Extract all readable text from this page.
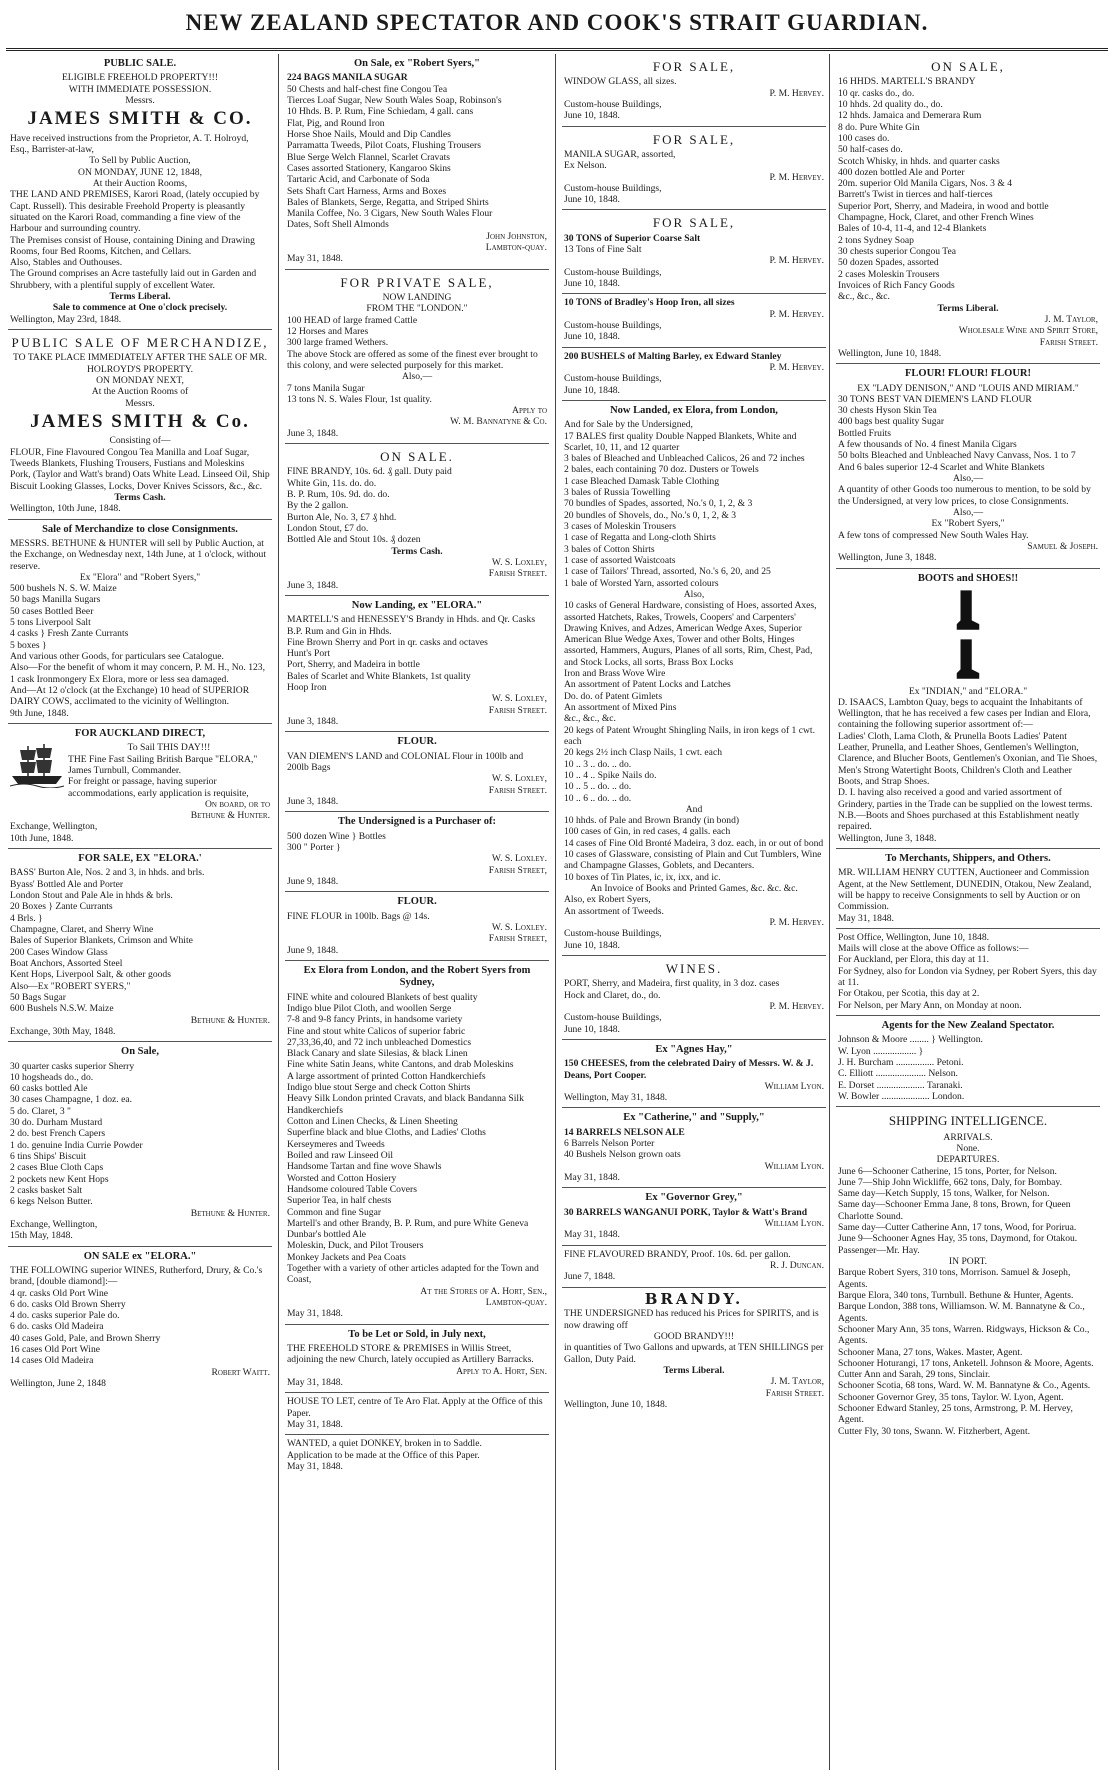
NEW ZEALAND SPECTATOR AND COOK'S STRAIT GUARDIAN.
PUBLIC SALE.

ELIGIBLE FREEHOLD PROPERTY!!!

WITH IMMEDIATE POSSESSION.

Messrs.

JAMES SMITH & CO.

Have received instructions from the Proprietor, A. T. Holroyd, Esq., Barrister-at-law,

To Sell by Public Auction,

ON MONDAY, JUNE 12, 1848,

At their Auction Rooms,

THE LAND AND PREMISES, Karori Road, (lately occupied by Capt. Russell). This desirable Freehold Property is pleasantly situated on the Karori Road, commanding a fine view of the Harbour and surrounding country.

The Premises consist of House, containing Dining and Drawing Rooms, four Bed Rooms, Kitchen, and Cellars.

Also, Stables and Outhouses.

The Ground comprises an Acre tastefully laid out in Garden and Shrubbery, with a plentiful supply of excellent Water.

Terms Liberal.

Sale to commence at One o'clock precisely.

Wellington, May 23rd, 1848.

PUBLIC SALE OF MERCHANDIZE,

TO TAKE PLACE IMMEDIATELY AFTER THE SALE OF MR. HOLROYD'S PROPERTY.

ON MONDAY NEXT,

At the Auction Rooms of

Messrs.

JAMES SMITH & Co.

Consisting of—

FLOUR, Fine Flavoured Congou Tea Manilla and Loaf Sugar, Tweeds Blankets, Flushing Trousers, Fustians and Moleskins

Pork, (Taylor and Watt's brand) Oats White Lead. Linseed Oil, Ship Biscuit Looking Glasses, Locks, Dover Knives Scissors, &c., &c.

Terms Cash.

Wellington, 10th June, 1848.

Sale of Merchandize to close Consignments.

MESSRS. BETHUNE & HUNTER will sell by Public Auction, at the Exchange, on Wednesday next, 14th June, at 1 o'clock, without reserve.

Ex "Elora" and "Robert Syers,"

500 bushels N. S. W. Maize

50 bags Manilla Sugars

50 cases Bottled Beer

5 tons Liverpool Salt

4 casks } Fresh Zante Currants

5 boxes }

And various other Goods, for particulars see Catalogue.

Also—For the benefit of whom it may concern, P. M. H., No. 123, 1 cask Ironmongery Ex Elora, more or less sea damaged.

And—At 12 o'clock (at the Exchange) 10 head of SUPERIOR DAIRY COWS, acclimated to the vicinity of Wellington.

9th June, 1848.

FOR AUCKLAND DIRECT,

To Sail THIS DAY!!!

THE Fine Fast Sailing British Barque "ELORA," James Turnbull, Commander.

For freight or passage, having superior accommodations, early application is requisite,

On board, or to

Bethune & Hunter.

Exchange, Wellington,

10th June, 1848.

FOR SALE, EX "ELORA.'

BASS' Burton Ale, Nos. 2 and 3, in hhds. and brls.

Byass' Bottled Ale and Porter

London Stout and Pale Ale in hhds & brls.

20 Boxes } Zante Currants

4 Brls. }

Champagne, Claret, and Sherry Wine

Bales of Superior Blankets, Crimson and White

200 Cases Window Glass

Boat Anchors, Assorted Steel

Kent Hops, Liverpool Salt, & other goods

Also—Ex "ROBERT SYERS,"

50 Bags Sugar

600 Bushels N.S.W. Maize

Bethune & Hunter.

Exchange, 30th May, 1848.

On Sale,

30 quarter casks superior Sherry

10 hogsheads do., do.

60 casks bottled Ale

30 cases Champagne, 1 doz. ea.

5 do. Claret, 3 "

30 do. Durham Mustard

2 do. best French Capers

1 do. genuine India Currie Powder

6 tins Ships' Biscuit

2 cases Blue Cloth Caps

2 pockets new Kent Hops

2 casks basket Salt

6 kegs Nelson Butter.

Bethune & Hunter.

Exchange, Wellington,

15th May, 1848.

ON SALE ex "ELORA."

THE FOLLOWING superior WINES, Rutherford, Drury, & Co.'s brand, [double diamond]:—

4 qr. casks Old Port Wine

6 do. casks Old Brown Sherry

4 do. casks superior Pale do.

6 do. casks Old Madeira

40 cases Gold, Pale, and Brown Sherry

16 cases Old Port Wine

14 cases Old Madeira

Robert Waitt.

Wellington, June 2, 1848

On Sale, ex "Robert Syers,"

224 BAGS MANILA SUGAR

50 Chests and half-chest fine Congou Tea

Tierces Loaf Sugar, New South Wales Soap, Robinson's

10 Hhds. B. P. Rum, Fine Schiedam, 4 gall. cans

Flat, Pig, and Round Iron

Horse Shoe Nails, Mould and Dip Candles

Parramatta Tweeds, Pilot Coats, Flushing Trousers

Blue Serge Welch Flannel, Scarlet Cravats

Cases assorted Stationery, Kangaroo Skins

Tartaric Acid, and Carbonate of Soda

Sets Shaft Cart Harness, Arms and Boxes

Bales of Blankets, Serge, Regatta, and Striped Shirts

Manila Coffee, No. 3 Cigars, New South Wales Flour

Dates, Soft Shell Almonds

John Johnston,

Lambton-quay.

May 31, 1848.

FOR PRIVATE SALE,

NOW LANDING

FROM THE "LONDON."

100 HEAD of large framed Cattle

12 Horses and Mares

300 large framed Wethers.

The above Stock are offered as some of the finest ever brought to this colony, and were selected purposely for this market.

Also,—

7 tons Manila Sugar

13 tons N. S. Wales Flour, 1st quality.

Apply to

W. M. Bannatyne & Co.

June 3, 1848.

ON SALE.

FINE BRANDY, 10s. 6d. ₰ gall. Duty paid

White Gin, 11s. do. do.

B. P. Rum, 10s. 9d. do. do.

By the 2 gallon.

Burton Ale, No. 3, £7 ₰ hhd.

London Stout, £7 do.

Bottled Ale and Stout 10s. ₰ dozen

Terms Cash.

W. S. Loxley,

Farish Street.

June 3, 1848.

Now Landing, ex "ELORA."

MARTELL'S and HENESSEY'S Brandy in Hhds. and Qr. Casks

B.P. Rum and Gin in Hhds.

Fine Brown Sherry and Port in qr. casks and octaves

Hunt's Port

Port, Sherry, and Madeira in bottle

Bales of Scarlet and White Blankets, 1st quality

Hoop Iron

W. S. Loxley,

Farish Street.

June 3, 1848.

FLOUR.

VAN DIEMEN'S LAND and COLONIAL Flour in 100lb and 200lb Bags

W. S. Loxley,

Farish Street.

June 3, 1848.

The Undersigned is a Purchaser of:

500 dozen Wine } Bottles

300 " Porter }

W. S. Loxley.

Farish Street,

June 9, 1848.

FLOUR.

FINE FLOUR in 100lb. Bags @ 14s.

W. S. Loxley.

Farish Street,

June 9, 1848.

Ex Elora from London, and the Robert Syers from Sydney,

FINE white and coloured Blankets of best quality

Indigo blue Pilot Cloth, and woollen Serge

7-8 and 9-8 fancy Prints, in handsome variety

Fine and stout white Calicos of superior fabric

27,33,36,40, and 72 inch unbleached Domestics

Black Canary and slate Silesias, & black Linen

Fine white Satin Jeans, white Cantons, and drab Moleskins

A large assortment of printed Cotton Handkerchiefs

Indigo blue stout Serge and check Cotton Shirts

Heavy Silk London printed Cravats, and black Bandanna Silk Handkerchiefs

Cotton and Linen Checks, & Linen Sheeting

Superfine black and blue Cloths, and Ladies' Cloths

Kerseymeres and Tweeds

Boiled and raw Linseed Oil

Handsome Tartan and fine wove Shawls

Worsted and Cotton Hosiery

Handsome coloured Table Covers

Superior Tea, in half chests

Common and fine Sugar

Martell's and other Brandy, B. P. Rum, and pure White Geneva

Dunbar's bottled Ale

Moleskin, Duck, and Pilot Trousers

Monkey Jackets and Pea Coats

Together with a variety of other articles adapted for the Town and Coast,

At the Stores of A. Hort, Sen.,

Lambton-quay.

May 31, 1848.

To be Let or Sold, in July next,

THE FREEHOLD STORE & PREMISES in Willis Street, adjoining the new Church, lately occupied as Artillery Barracks.

Apply to A. Hort, Sen.

May 31, 1848.

HOUSE TO LET, centre of Te Aro Flat. Apply at the Office of this Paper.

May 31, 1848.

WANTED, a quiet DONKEY, broken in to Saddle.

Application to be made at the Office of this Paper.

May 31, 1848.

FOR SALE,

WINDOW GLASS, all sizes.

P. M. Hervey.

Custom-house Buildings,

June 10, 1848.

FOR SALE,

MANILA SUGAR, assorted,

Ex Nelson.

P. M. Hervey.

Custom-house Buildings,

June 10, 1848.

FOR SALE,

30 TONS of Superior Coarse Salt

13 Tons of Fine Salt

P. M. Hervey.

Custom-house Buildings,

June 10, 1848.

10 TONS of Bradley's Hoop Iron, all sizes

P. M. Hervey.

Custom-house Buildings,

June 10, 1848.

200 BUSHELS of Malting Barley, ex Edward Stanley

P. M. Hervey.

Custom-house Buildings,

June 10, 1848.

Now Landed, ex Elora, from London,

And for Sale by the Undersigned,

17 BALES first quality Double Napped Blankets, White and Scarlet, 10, 11, and 12 quarter

3 bales of Bleached and Unbleached Calicos, 26 and 72 inches

2 bales, each containing 70 doz. Dusters or Towels

1 case Bleached Damask Table Clothing

3 bales of Russia Towelling

70 bundles of Spades, assorted, No.'s 0, 1, 2, & 3

20 bundles of Shovels, do., No.'s 0, 1, 2, & 3

3 cases of Moleskin Trousers

1 case of Regatta and Long-cloth Shirts

3 bales of Cotton Shirts

1 case of assorted Waistcoats

1 case of Tailors' Thread, assorted, No.'s 6, 20, and 25

1 bale of Worsted Yarn, assorted colours

Also,

10 casks of General Hardware, consisting of Hoes, assorted Axes, assorted Hatchets, Rakes, Trowels, Coopers' and Carpenters' Drawing Knives, and Adzes, American Wedge Axes, Superior American Blue Wedge Axes, Tower and other Bolts, Hinges assorted, Hammers, Augurs, Planes of all sorts, Rim, Chest, Pad, and Stock Locks, all sorts, Brass Box Locks

Iron and Brass Wove Wire

An assortment of Patent Locks and Latches

Do. do. of Patent Gimlets

An assortment of Mixed Pins

&c., &c., &c.

20 kegs of Patent Wrought Shingling Nails, in iron kegs of 1 cwt. each

20 kegs 2½ inch Clasp Nails, 1 cwt. each

10 .. 3 .. do. .. do.

10 .. 4 .. Spike Nails do.

10 .. 5 .. do. .. do.

10 .. 6 .. do. .. do.

And

10 hhds. of Pale and Brown Brandy (in bond)

100 cases of Gin, in red cases, 4 galls. each

14 cases of Fine Old Bronté Madeira, 3 doz. each, in or out of bond

10 cases of Glassware, consisting of Plain and Cut Tumblers, Wine and Champagne Glasses, Goblets, and Decanters.

10 boxes of Tin Plates, ic, ix, ixx, and ic.

An Invoice of Books and Printed Games, &c. &c. &c.

Also, ex Robert Syers,

An assortment of Tweeds.

P. M. Hervey.

Custom-house Buildings,

June 10, 1848.

WINES.

PORT, Sherry, and Madeira, first quality, in 3 doz. cases

Hock and Claret, do., do.

P. M. Hervey.

Custom-house Buildings,

June 10, 1848.

Ex "Agnes Hay,"

150 CHEESES, from the celebrated Dairy of Messrs. W. & J. Deans, Port Cooper.

William Lyon.

Wellington, May 31, 1848.

Ex "Catherine," and "Supply,"

14 BARRELS NELSON ALE

6 Barrels Nelson Porter

40 Bushels Nelson grown oats

William Lyon.

May 31, 1848.

Ex "Governor Grey,"

30 BARRELS WANGANUI PORK, Taylor & Watt's Brand

William Lyon.

May 31, 1848.

FINE FLAVOURED BRANDY, Proof. 10s. 6d. per gallon.

R. J. Duncan.

June 7, 1848.

BRANDY.

THE UNDERSIGNED has reduced his Prices for SPIRITS, and is now drawing off

GOOD BRANDY!!!

in quantities of Two Gallons and upwards, at TEN SHILLINGS per Gallon, Duty Paid.

Terms Liberal.

J. M. Taylor,

Farish Street.

Wellington, June 10, 1848.

ON SALE,

16 HHDS. MARTELL'S BRANDY

10 qr. casks do., do.

10 hhds. 2d quality do., do.

12 hhds. Jamaica and Demerara Rum

8 do. Pure White Gin

100 cases do.

50 half-cases do.

Scotch Whisky, in hhds. and quarter casks

400 dozen bottled Ale and Porter

20m. superior Old Manila Cigars, Nos. 3 & 4

Barrett's Twist in tierces and half-tierces

Superior Port, Sherry, and Madeira, in wood and bottle

Champagne, Hock, Claret, and other French Wines

Bales of 10-4, 11-4, and 12-4 Blankets

2 tons Sydney Soap

30 chests superior Congou Tea

50 dozen Spades, assorted

2 cases Moleskin Trousers

Invoices of Rich Fancy Goods

&c., &c., &c.

Terms Liberal.

J. M. Taylor,

Wholesale Wine and Spirit Store,

Farish Street.

Wellington, June 10, 1848.

FLOUR! FLOUR! FLOUR!

EX "LADY DENISON," AND "LOUIS AND MIRIAM."

30 TONS BEST VAN DIEMEN'S LAND FLOUR

30 chests Hyson Skin Tea

400 bags best quality Sugar

Bottled Fruits

A few thousands of No. 4 finest Manila Cigars

50 bolts Bleached and Unbleached Navy Canvass, Nos. 1 to 7

And 6 bales superior 12-4 Scarlet and White Blankets

Also,—

A quantity of other Goods too numerous to mention, to be sold by the Undersigned, at very low prices, to close Consignments.

Also,—

Ex "Robert Syers,"

A few tons of compressed New South Wales Hay.

Samuel & Joseph.

Wellington, June 3, 1848.

BOOTS and SHOES!!

Ex "INDIAN," and "ELORA."

D. ISAACS, Lambton Quay, begs to acquaint the Inhabitants of Wellington, that he has received a few cases per Indian and Elora, containing the following superior assortment of:—

Ladies' Cloth, Lama Cloth, & Prunella Boots Ladies' Patent Leather, Prunella, and Leather Shoes, Gentlemen's Wellington, Clarence, and Blucher Boots, Gentlemen's Oxonian, and Tie Shoes, Men's Strong Watertight Boots, Children's Cloth and Leather Boots, and Strap Shoes.

D. I. having also received a good and varied assortment of Grindery, parties in the Trade can be supplied on the lowest terms.

N.B.—Boots and Shoes purchased at this Establishment neatly repaired.

Wellington, June 3, 1848.

To Merchants, Shippers, and Others.

MR. WILLIAM HENRY CUTTEN, Auctioneer and Commission Agent, at the New Settlement, DUNEDIN, Otakou, New Zealand, will be happy to receive Consignments to sell by Auction or on Commission.

May 31, 1848.

Post Office, Wellington, June 10, 1848.

Mails will close at the above Office as follows:—

For Auckland, per Elora, this day at 11.

For Sydney, also for London via Sydney, per Robert Syers, this day at 11.

For Otakou, per Scotia, this day at 2.

For Nelson, per Mary Ann, on Monday at noon.

Agents for the New Zealand Spectator.

Johnson & Moore ........ } Wellington.

W. Lyon .................. }

J. H. Burcham ................ Petoni.

C. Elliott ..................... Nelson.

E. Dorset .................... Taranaki.

W. Bowler .................... London.

SHIPPING INTELLIGENCE.

ARRIVALS.

None.

DEPARTURES.

June 6—Schooner Catherine, 15 tons, Porter, for Nelson.

June 7—Ship John Wickliffe, 662 tons, Daly, for Bombay.

Same day—Ketch Supply, 15 tons, Walker, for Nelson.

Same day—Schooner Emma Jane, 8 tons, Brown, for Queen Charlotte Sound.

Same day—Cutter Catherine Ann, 17 tons, Wood, for Porirua.

June 9—Schooner Agnes Hay, 35 tons, Daymond, for Otakou. Passenger—Mr. Hay.

IN PORT.

Barque Robert Syers, 310 tons, Morrison. Samuel & Joseph, Agents.

Barque Elora, 340 tons, Turnbull. Bethune & Hunter, Agents.

Barque London, 388 tons, Williamson. W. M. Bannatyne & Co., Agents.

Schooner Mary Ann, 35 tons, Warren. Ridgways, Hickson & Co., Agents.

Schooner Mana, 27 tons, Wakes. Master, Agent.

Schooner Hoturangi, 17 tons, Anketell. Johnson & Moore, Agents.

Cutter Ann and Sarah, 29 tons, Sinclair.

Schooner Scotia, 68 tons, Ward. W. M. Bannatyne & Co., Agents.

Schooner Governor Grey, 35 tons, Taylor. W. Lyon, Agent.

Schooner Edward Stanley, 25 tons, Armstrong, P. M. Hervey, Agent.

Cutter Fly, 30 tons, Swann. W. Fitzherbert, Agent.
